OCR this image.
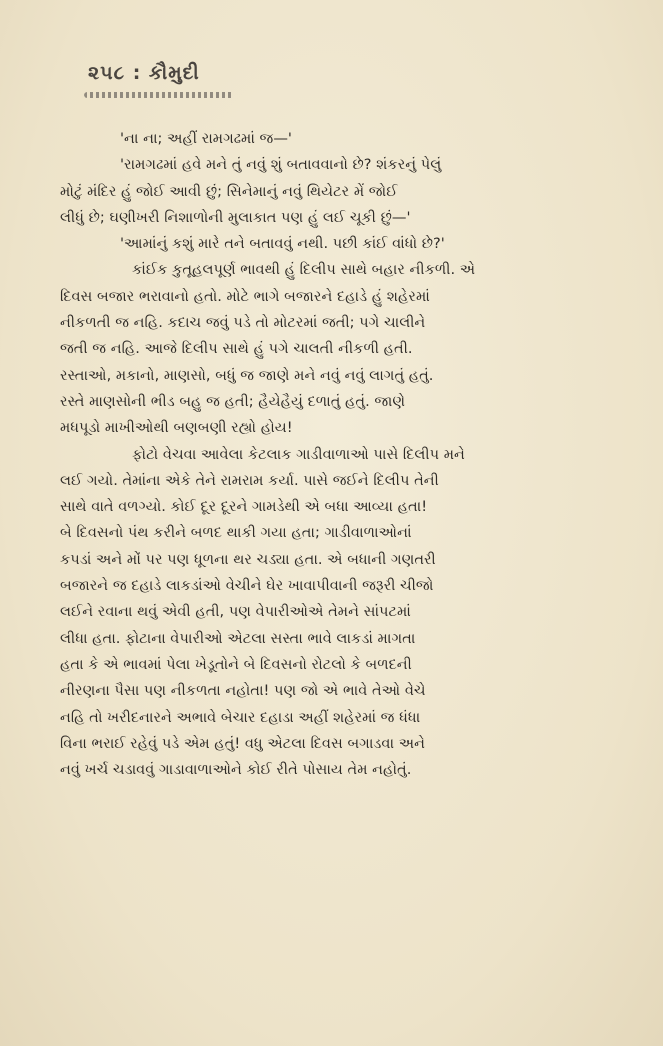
૨૫૮ : કૌમુદી
'ના ના; અહીં રામગઢમાં જ—'
'રામગઢમાં હવે મને તું નવું શું બતાવવાનો છે? શંકરનું પેલું
મોટું મંદિર હું જોઈ આવી છું; સિનેમાનું નવું થિયેટર મેં જોઈ
લીધું છે; ઘણીખરી નિશાળોની મુલાકાત પણ હું લઈ ચૂકી છું—'
'આમાંનું કશું મારે તને બતાવવું નથી. પછી કાંઈ વાંધો છે?'
કાંઈક કુતૂહલપૂર્ણ ભાવથી હું દિલીપ સાથે બહાર નીકળી. એ
દિવસ બજાર ભરાવાનો હતો. મોટે ભાગે બજારને દહાડે હું શહેરમાં
નીકળતી જ નહિ. કદાચ જવું પડે તો મોટરમાં જતી; પગે ચાલીને
જતી જ નહિ. આજે દિલીપ સાથે હું પગે ચાલતી નીકળી હતી.
રસ્તાઓ, મકાનો, માણસો, બધું જ જાણે મને નવું નવું લાગતું હતું.
રસ્તે માણસોની ભીડ બહુ જ હતી; હૈયેહૈયું દળાતું હતું. જાણે
મધપૂડો માખીઓથી બણબણી રહ્યો હોય!
ફોટો વેચવા આવેલા કેટલાક ગાડીવાળાઓ પાસે દિલીપ મને
લઈ ગયો. તેમાંના એકે તેને રામરામ કર્યા. પાસે જઈને દિલીપ તેની
સાથે વાતે વળગ્યો. કોઈ દૂર દૂરને ગામડેથી એ બધા આવ્યા હતા!
બે દિવસનો પંથ કરીને બળદ થાકી ગયા હતા; ગાડીવાળાઓનાં
કપડાં અને મોં પર પણ ધૂળના થર ચડ્યા હતા. એ બધાની ગણતરી
બજારને જ દહાડે લાકડાંઓ વેચીને ઘેર ખાવાપીવાની જરૂરી ચીજો
લઈને રવાના થવું એવી હતી, પણ વેપારીઓએ તેમને સાંપટમાં
લીધા હતા. ફોટાના વેપારીઓ એટલા સસ્તા ભાવે લાકડાં માગતા
હતા કે એ ભાવમાં પેલા ખેડૂતોને બે દિવસનો રોટલો કે બળદની
નીરણના પૈસા પણ નીકળતા નહોતા! પણ જો એ ભાવે તેઓ વેચે
નહિ તો ખરીદનારને અભાવે બેચાર દહાડા અહીં શહેરમાં જ ધંધા
વિના ભરાઈ રહેવું પડે એમ હતું! વધુ એટલા દિવસ બગાડવા અને
નવું ખર્ચ ચડાવવું ગાડાવાળાઓને કોઈ રીતે પોસાય તેમ નહોતું.
